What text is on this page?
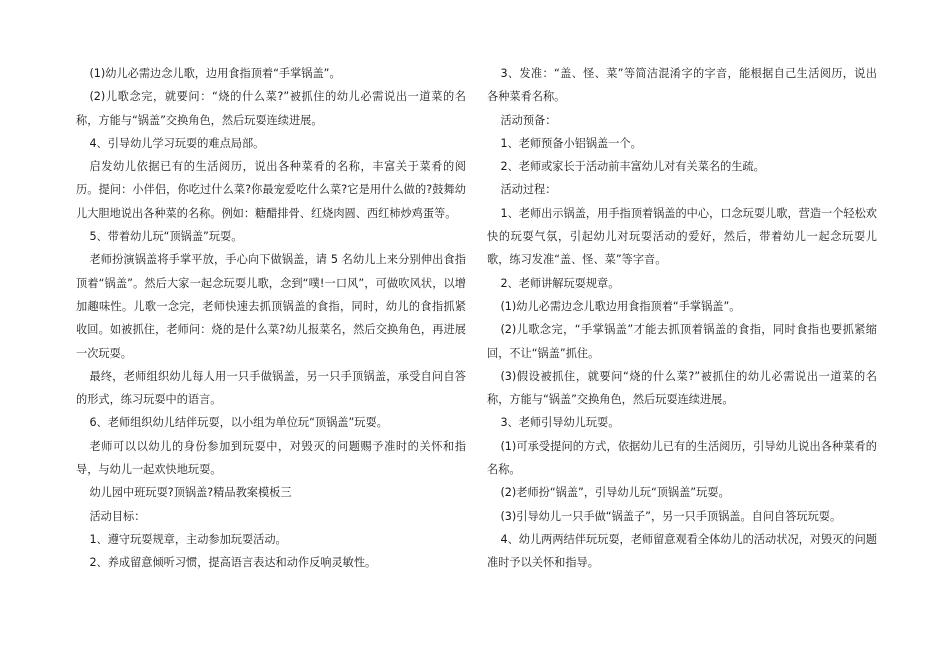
(1)幼儿必需边念儿歌，边用食指顶着“手掌锅盖”。

(2)儿歌念完，就要问：“烧的什么菜?”被抓住的幼儿必需说出一道菜的名称，方能与“锅盖”交换角色，然后玩耍连续进展。

4、引导幼儿学习玩耍的难点局部。

启发幼儿依据已有的生活阅历，说出各种菜肴的名称，丰富关于菜肴的阅历。提问：小伴侣，你吃过什么菜?你最宠爱吃什么菜?它是用什么做的?鼓舞幼儿大胆地说出各种菜的名称。例如：糖醋排骨、红烧肉圆、西红柿炒鸡蛋等。

5、带着幼儿玩“顶锅盖”玩耍。

老师扮演锅盖将手掌平放，手心向下做锅盖，请 5 名幼儿上来分别伸出食指顶着“锅盖”。然后大家一起念玩耍儿歌，念到“噗!一口风”，可做吹风状，以增加趣味性。儿歌一念完，老师快速去抓顶锅盖的食指，同时，幼儿的食指抓紧收回。如被抓住，老师问：烧的是什么菜?幼儿报菜名，然后交换角色，再进展一次玩耍。

最终，老师组织幼儿每人用一只手做锅盖，另一只手顶锅盖，承受自问自答的形式，练习玩耍中的语言。

6、老师组织幼儿结伴玩耍，以小组为单位玩“顶锅盖”玩耍。

老师可以以幼儿的身份参加到玩耍中，对毁灭的问题赐予准时的关怀和指导，与幼儿一起欢快地玩耍。

幼儿园中班玩耍?顶锅盖?精品教案模板三

活动目标：

1、遵守玩耍规章，主动参加玩耍活动。

2、养成留意倾听习惯，提高语言表达和动作反响灵敏性。

3、发准：“盖、怪、菜”等简洁混淆字的字音，能根据自己生活阅历，说出各种菜肴名称。

活动预备：

1、老师预备小铝锅盖一个。

2、老师或家长于活动前丰富幼儿对有关菜名的生疏。

活动过程：

1、老师出示锅盖，用手指顶着锅盖的中心，口念玩耍儿歌，营造一个轻松欢快的玩耍气氛，引起幼儿对玩耍活动的爱好，然后，带着幼儿一起念玩耍儿歌，练习发准“盖、怪、菜”等字音。

2、老师讲解玩耍规章。

(1)幼儿必需边念儿歌边用食指顶着“手掌锅盖”。

(2)儿歌念完，“手掌锅盖”才能去抓顶着锅盖的食指，同时食指也要抓紧缩回，不让“锅盖”抓住。

(3)假设被抓住，就要问“烧的什么菜?”被抓住的幼儿必需说出一道菜的名称，方能与“锅盖”交换角色，然后玩耍连续进展。

3、老师引导幼儿玩耍。

(1)可承受提问的方式，依据幼儿已有的生活阅历，引导幼儿说出各种菜肴的名称。

(2)老师扮“锅盖”，引导幼儿玩“顶锅盖”玩耍。

(3)引导幼儿一只手做“锅盖子”，另一只手顶锅盖。自问自答玩玩耍。

4、幼儿两两结伴玩玩耍，老师留意观看全体幼儿的活动状况，对毁灭的问题准时予以关怀和指导。
